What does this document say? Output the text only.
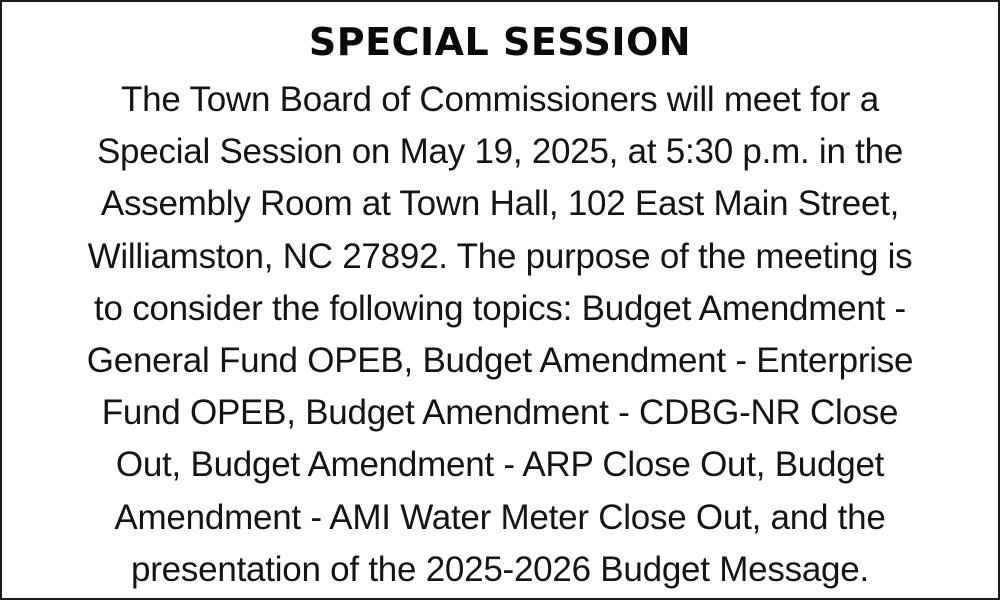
SPECIAL SESSION

The Town Board of Commissioners will meet for a
Special Session on May 19, 2025, at 5:30 p.m. in the
Assembly Room at Town Hall, 102 East Main Street,
Williamston, NC 27892. The purpose of the meeting is
to consider the following topics: Budget Amendment -
General Fund OPEB, Budget Amendment - Enterprise
Fund OPEB, Budget Amendment - CDBG-NR Close
Out, Budget Amendment - ARP Close Out, Budget
Amendment - AMI Water Meter Close Out, and the
presentation of the 2025-2026 Budget Message.
